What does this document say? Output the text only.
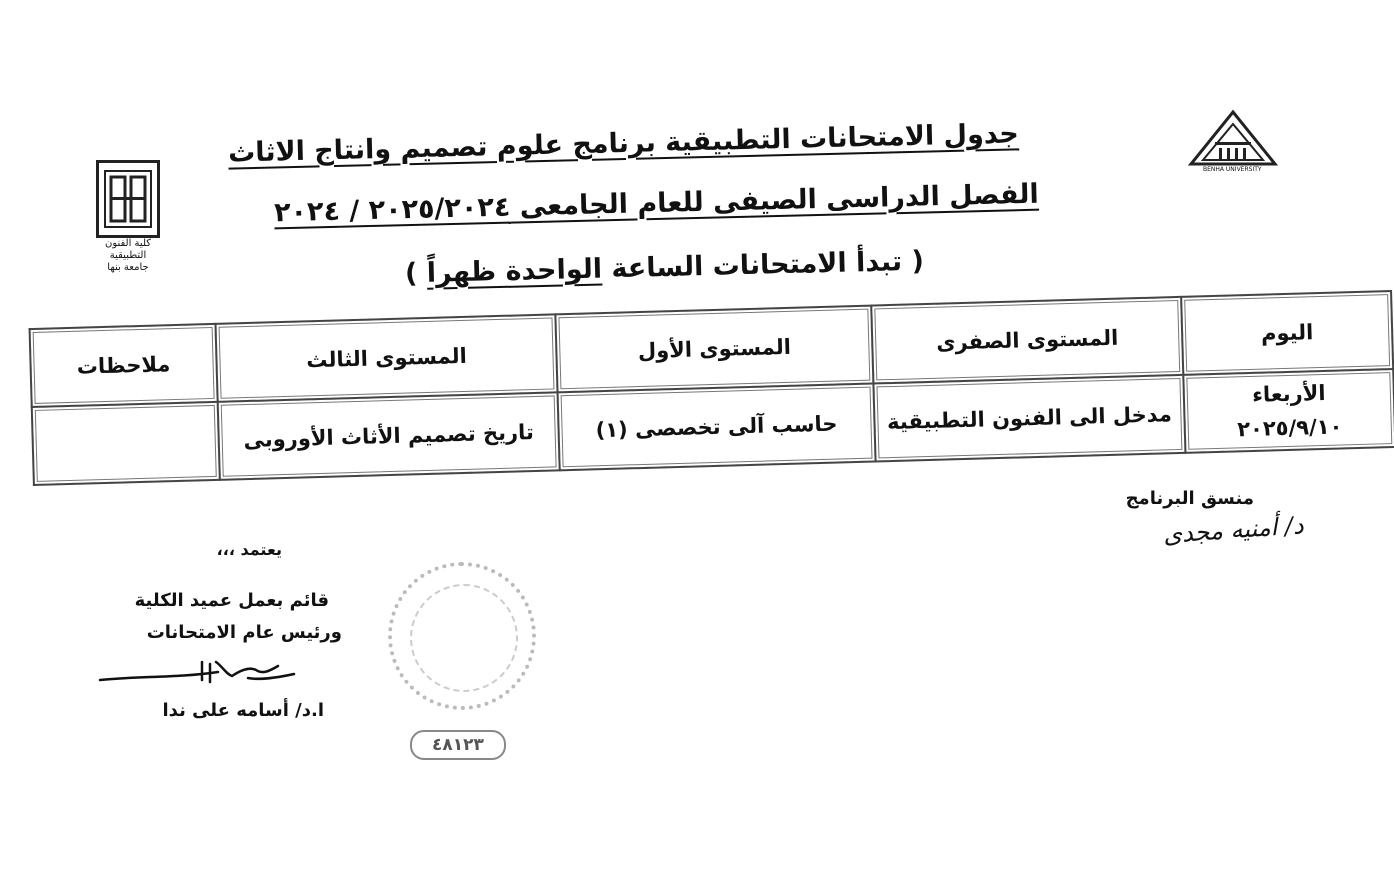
BENHA UNIVERSITY
كلية الفنون التطبيقية
جامعة بنها
جدول الامتحانات التطبيقية برنامج علوم تصميم وانتاج الاثاث
الفصل الدراسى الصيفى للعام الجامعى ٢٠٢٥/٢٠٢٤ / ٢٠٢٤
( تبدأ الامتحانات الساعة الواحدة ظهراً )
اليوم	المستوى الصفرى	المستوى الأول	المستوى الثالث	ملاحظات

الأربعاء
٢٠٢٥/٩/١٠	مدخل الى الفنون التطبيقية	حاسب آلى تخصصى (١)	تاريخ تصميم الأثاث الأوروبى	
منسق البرنامج
د/ أمنيه مجدى
يعتمد ،،،
قائم بعمل عميد الكلية
ورئيس عام الامتحانات
ا.د/ أسامه على ندا
٤٨١٢٣
